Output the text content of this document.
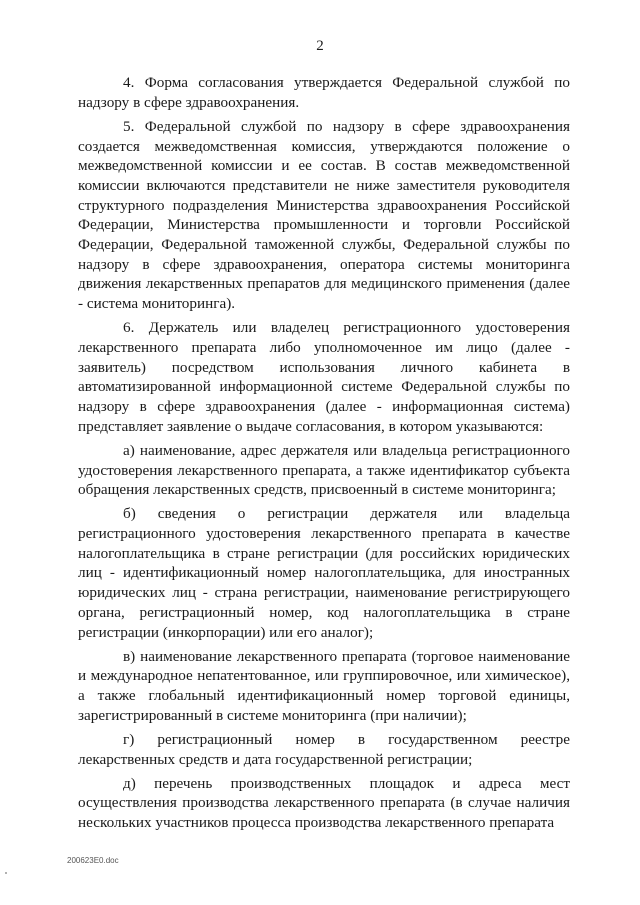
2

4. Форма согласования утверждается Федеральной службой по надзору в сфере здравоохранения.

5. Федеральной службой по надзору в сфере здравоохранения создается межведомственная комиссия, утверждаются положение о межведомственной комиссии и ее состав. В состав межведомственной комиссии включаются представители не ниже заместителя руководителя структурного подразделения Министерства здравоохранения Российской Федерации, Министерства промышленности и торговли Российской Федерации, Федеральной таможенной службы, Федеральной службы по надзору в сфере здравоохранения, оператора системы мониторинга движения лекарственных препаратов для медицинского применения (далее - система мониторинга).

6. Держатель или владелец регистрационного удостоверения лекарственного препарата либо уполномоченное им лицо (далее - заявитель) посредством использования личного кабинета в автоматизированной информационной системе Федеральной службы по надзору в сфере здравоохранения (далее - информационная система) представляет заявление о выдаче согласования, в котором указываются:

а) наименование, адрес держателя или владельца регистрационного удостоверения лекарственного препарата, а также идентификатор субъекта обращения лекарственных средств, присвоенный в системе мониторинга;

б) сведения о регистрации держателя или владельца регистрационного удостоверения лекарственного препарата в качестве налогоплательщика в стране регистрации (для российских юридических лиц - идентификационный номер налогоплательщика, для иностранных юридических лиц - страна регистрации, наименование регистрирующего органа, регистрационный номер, код налогоплательщика в стране регистрации (инкорпорации) или его аналог);

в) наименование лекарственного препарата (торговое наименование и международное непатентованное, или группировочное, или химическое), а также глобальный идентификационный номер торговой единицы, зарегистрированный в системе мониторинга (при наличии);

г) регистрационный номер в государственном реестре лекарственных средств и дата государственной регистрации;

д) перечень производственных площадок и адреса мест осуществления производства лекарственного препарата (в случае наличия нескольких участников процесса производства лекарственного препарата

200623E0.doc
